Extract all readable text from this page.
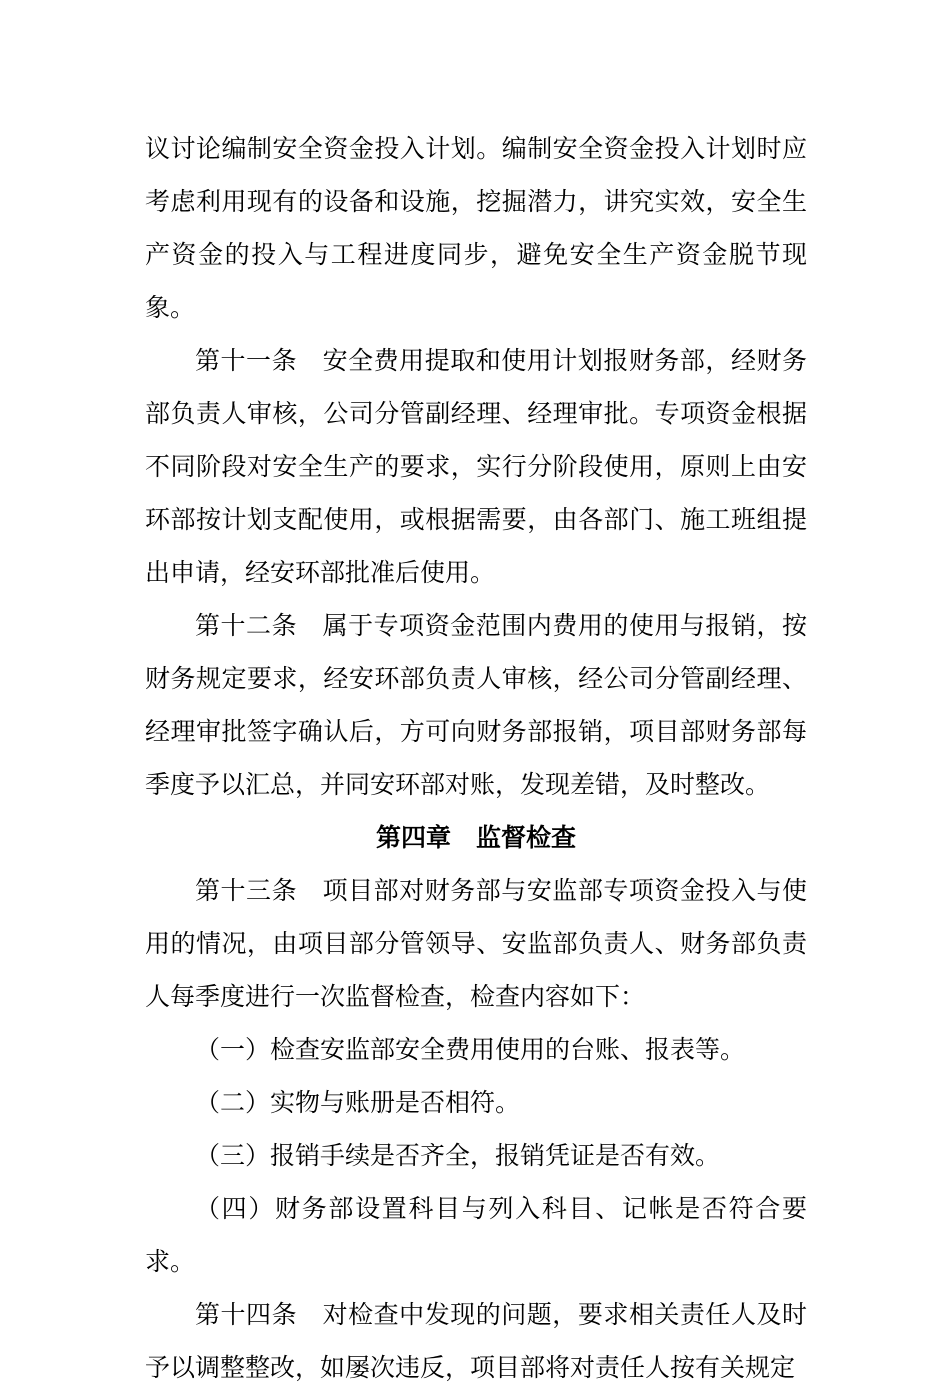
议讨论编制安全资金投入计划。编制安全资金投入计划时应考虑利用现有的设备和设施，挖掘潜力，讲究实效，安全生产资金的投入与工程进度同步，避免安全生产资金脱节现象。

第十一条　安全费用提取和使用计划报财务部，经财务部负责人审核，公司分管副经理、经理审批。专项资金根据不同阶段对安全生产的要求，实行分阶段使用，原则上由安环部按计划支配使用，或根据需要，由各部门、施工班组提出申请，经安环部批准后使用。

第十二条　属于专项资金范围内费用的使用与报销，按财务规定要求，经安环部负责人审核，经公司分管副经理、经理审批签字确认后，方可向财务部报销，项目部财务部每季度予以汇总，并同安环部对账，发现差错，及时整改。

第四章　监督检查

第十三条　项目部对财务部与安监部专项资金投入与使用的情况，由项目部分管领导、安监部负责人、财务部负责人每季度进行一次监督检查，检查内容如下：

（一）检查安监部安全费用使用的台账、报表等。

（二）实物与账册是否相符。

（三）报销手续是否齐全，报销凭证是否有效。

（四）财务部设置科目与列入科目、记帐是否符合要求。

第十四条　对检查中发现的问题，要求相关责任人及时予以调整整改，如屡次违反，项目部将对责任人按有关规定
